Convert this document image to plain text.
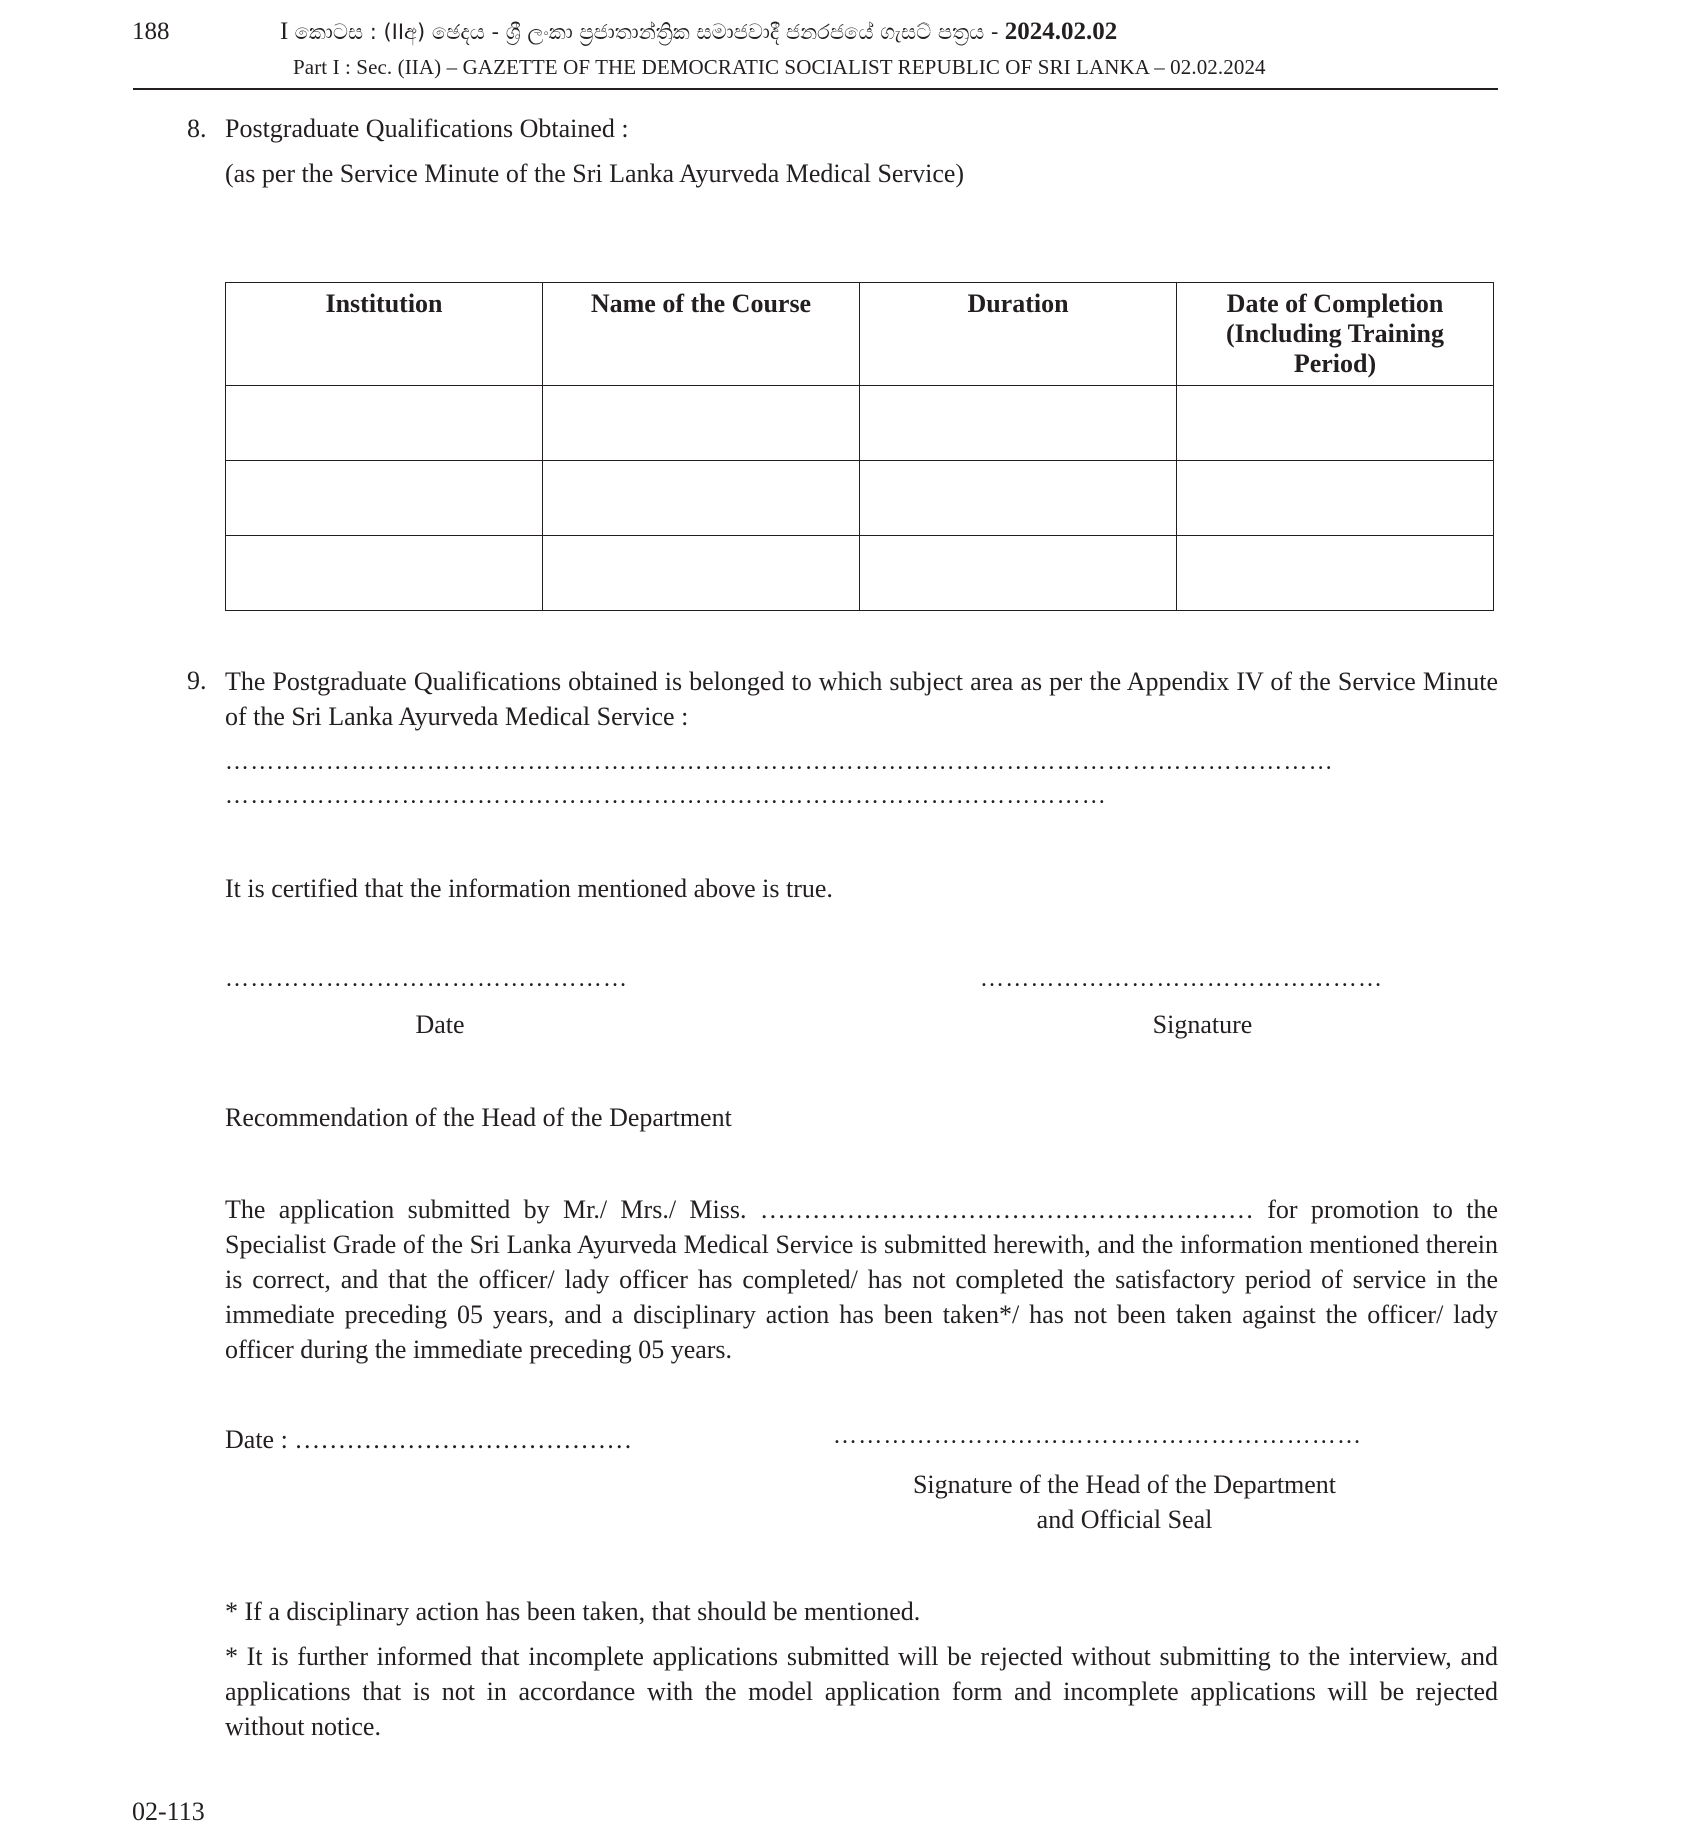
188	I කොටස : (IIඅ) ඡෙදය - ශ්‍රී ලංකා ප්‍රජාතාන්ත්‍රික සමාජවාදී ජනරජයේ ගැසට් පත්‍රය - 2024.02.02
Part I : Sec. (IIA) – GAZETTE OF THE DEMOCRATIC SOCIALIST REPUBLIC OF SRI LANKA – 02.02.2024
8. Postgraduate Qualifications Obtained :
(as per the Service Minute of the Sri Lanka Ayurveda Medical Service)
Institution	Name of the Course	Duration	Date of Completion (Including Training Period)

9. The Postgraduate Qualifications obtained is belonged to which subject area as per the Appendix IV of the Service Minute of the Sri Lanka Ayurveda Medical Service :
……………………………………………………………………………………………………………………
……………………………………………………………………………………………
It is certified that the information mentioned above is true.
…………………………………………
Date
…………………………………………
Signature
Recommendation of the Head of the Department
The application submitted by Mr./ Mrs./ Miss. ………………………………………………… for promotion to the Specialist Grade of the Sri Lanka Ayurveda Medical Service is submitted herewith, and the information mentioned therein is correct, and that the officer/ lady officer has completed/ has not completed the satisfactory period of service in the immediate preceding 05 years, and a disciplinary action has been taken*/ has not been taken against the officer/ lady officer during the immediate preceding 05 years.
Date : …………………………………	………………………………………………………
Signature of the Head of the Department
and Official Seal
* If a disciplinary action has been taken, that should be mentioned.
* It is further informed that incomplete applications submitted will be rejected without submitting to the interview, and applications that is not in accordance with the model application form and incomplete applications will be rejected without notice.
02-113
